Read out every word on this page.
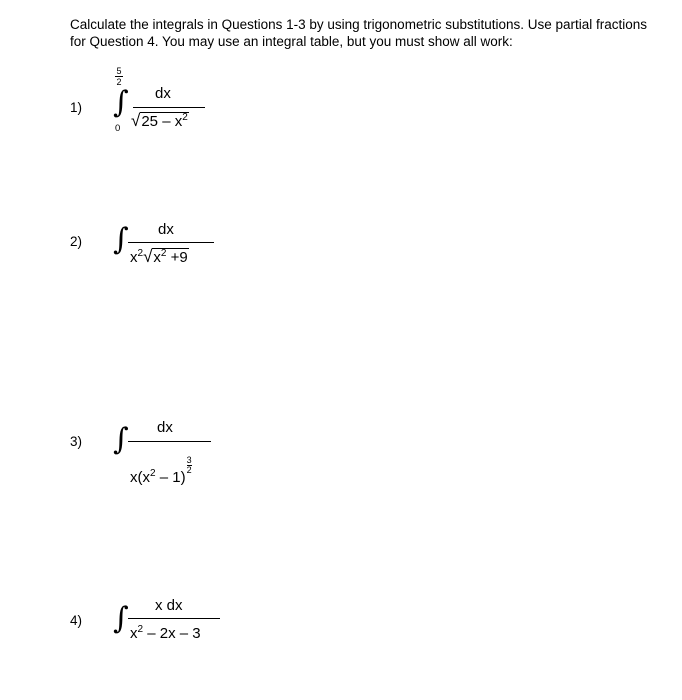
Calculate the integrals in Questions 1-3 by using trigonometric substitutions. Use partial fractions for Question 4. You may use an integral table, but you must show all work:

1)
5
2
∫
0
dx
$√25 - x^2$
2) ∫ dx
$x^2√x^2 +9$
3) ∫ dx
$x(x^2 - 1)\frac{3}{2}$
4) ∫ x dx
$x^2 - 2x - 3$
